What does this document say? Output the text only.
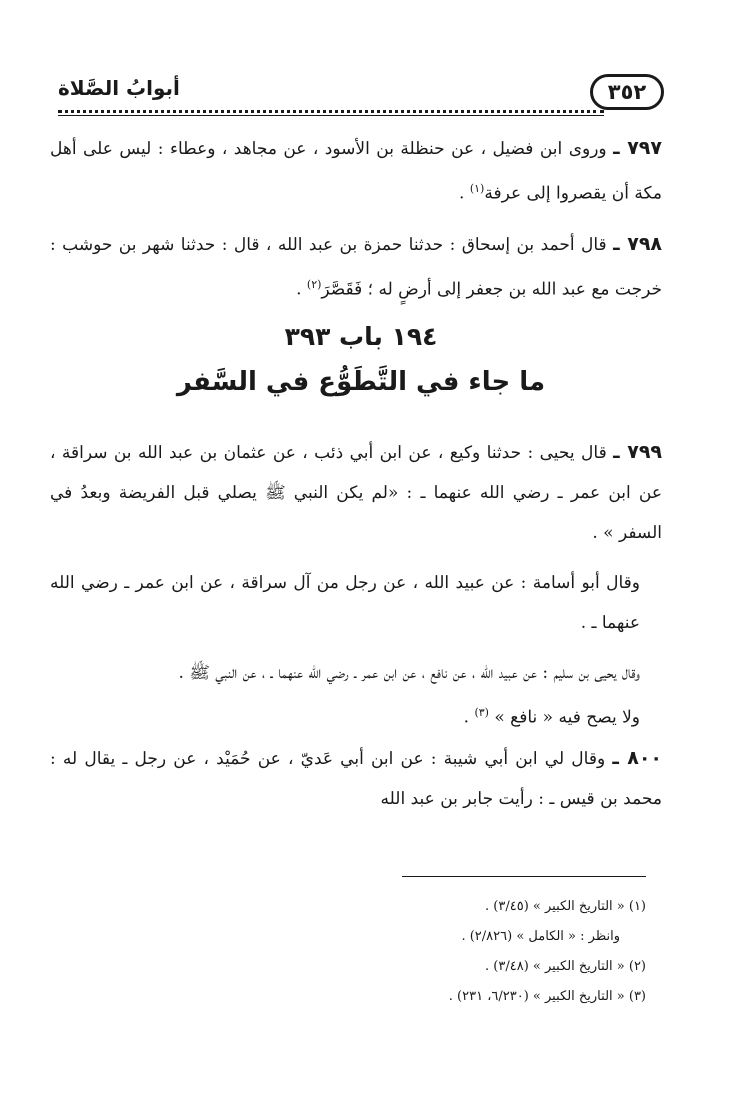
٣٥٢
أبوابُ الصَّلاة

٧٩٧ ـ وروى ابن فضيل ، عن حنظلة بن الأسود ، عن مجاهد ، وعطاء : ليس على أهل مكة أن يقصروا إلى عرفة$^{(١)}$ .

٧٩٨ ـ قال أحمد بن إسحاق : حدثنا حمزة بن عبد الله ، قال : حدثنا شهر بن حوشب : خرجت مع عبد الله بن جعفر إلى أرضٍ له ؛ فَقَصَّرَ$^{(٢)}$ .

١٩٤ باب ٣٩٣
ما جاء في التَّطَوُّع في السَّفر

٧٩٩ ـ قال يحيى : حدثنا وكيع ، عن ابن أبي ذئب ، عن عثمان بن عبد الله بن سراقة ، عن ابن عمر ـ رضي الله عنهما ـ : «لم يكن النبي ﷺ يصلي قبل الفريضة وبعدُ في السفر » .

وقال أبو أسامة : عن عبيد الله ، عن رجل من آل سراقة ، عن ابن عمر ـ رضي الله عنهما ـ .

وقال يحيى بن سليم : عن عبيد الله ، عن نافع ، عن ابن عمر ـ رضي الله عنهما ـ ، عن النبي ﷺ .

ولا يصح فيه « نافع » $^{(٣)}$ .

٨٠٠ ـ وقال لي ابن أبي شيبة : عن ابن أبي عَديّ ، عن حُمَيْد ، عن رجل ـ يقال له : محمد بن قيس ـ : رأيت جابر بن عبد الله

(١) « التاريخ الكبير » (٣/٤٥) .

وانظر : « الكامل » (٢/٨٢٦) .

(٢) « التاريخ الكبير » (٣/٤٨) .

(٣) « التاريخ الكبير » (٦/٢٣٠، ٢٣١) .
